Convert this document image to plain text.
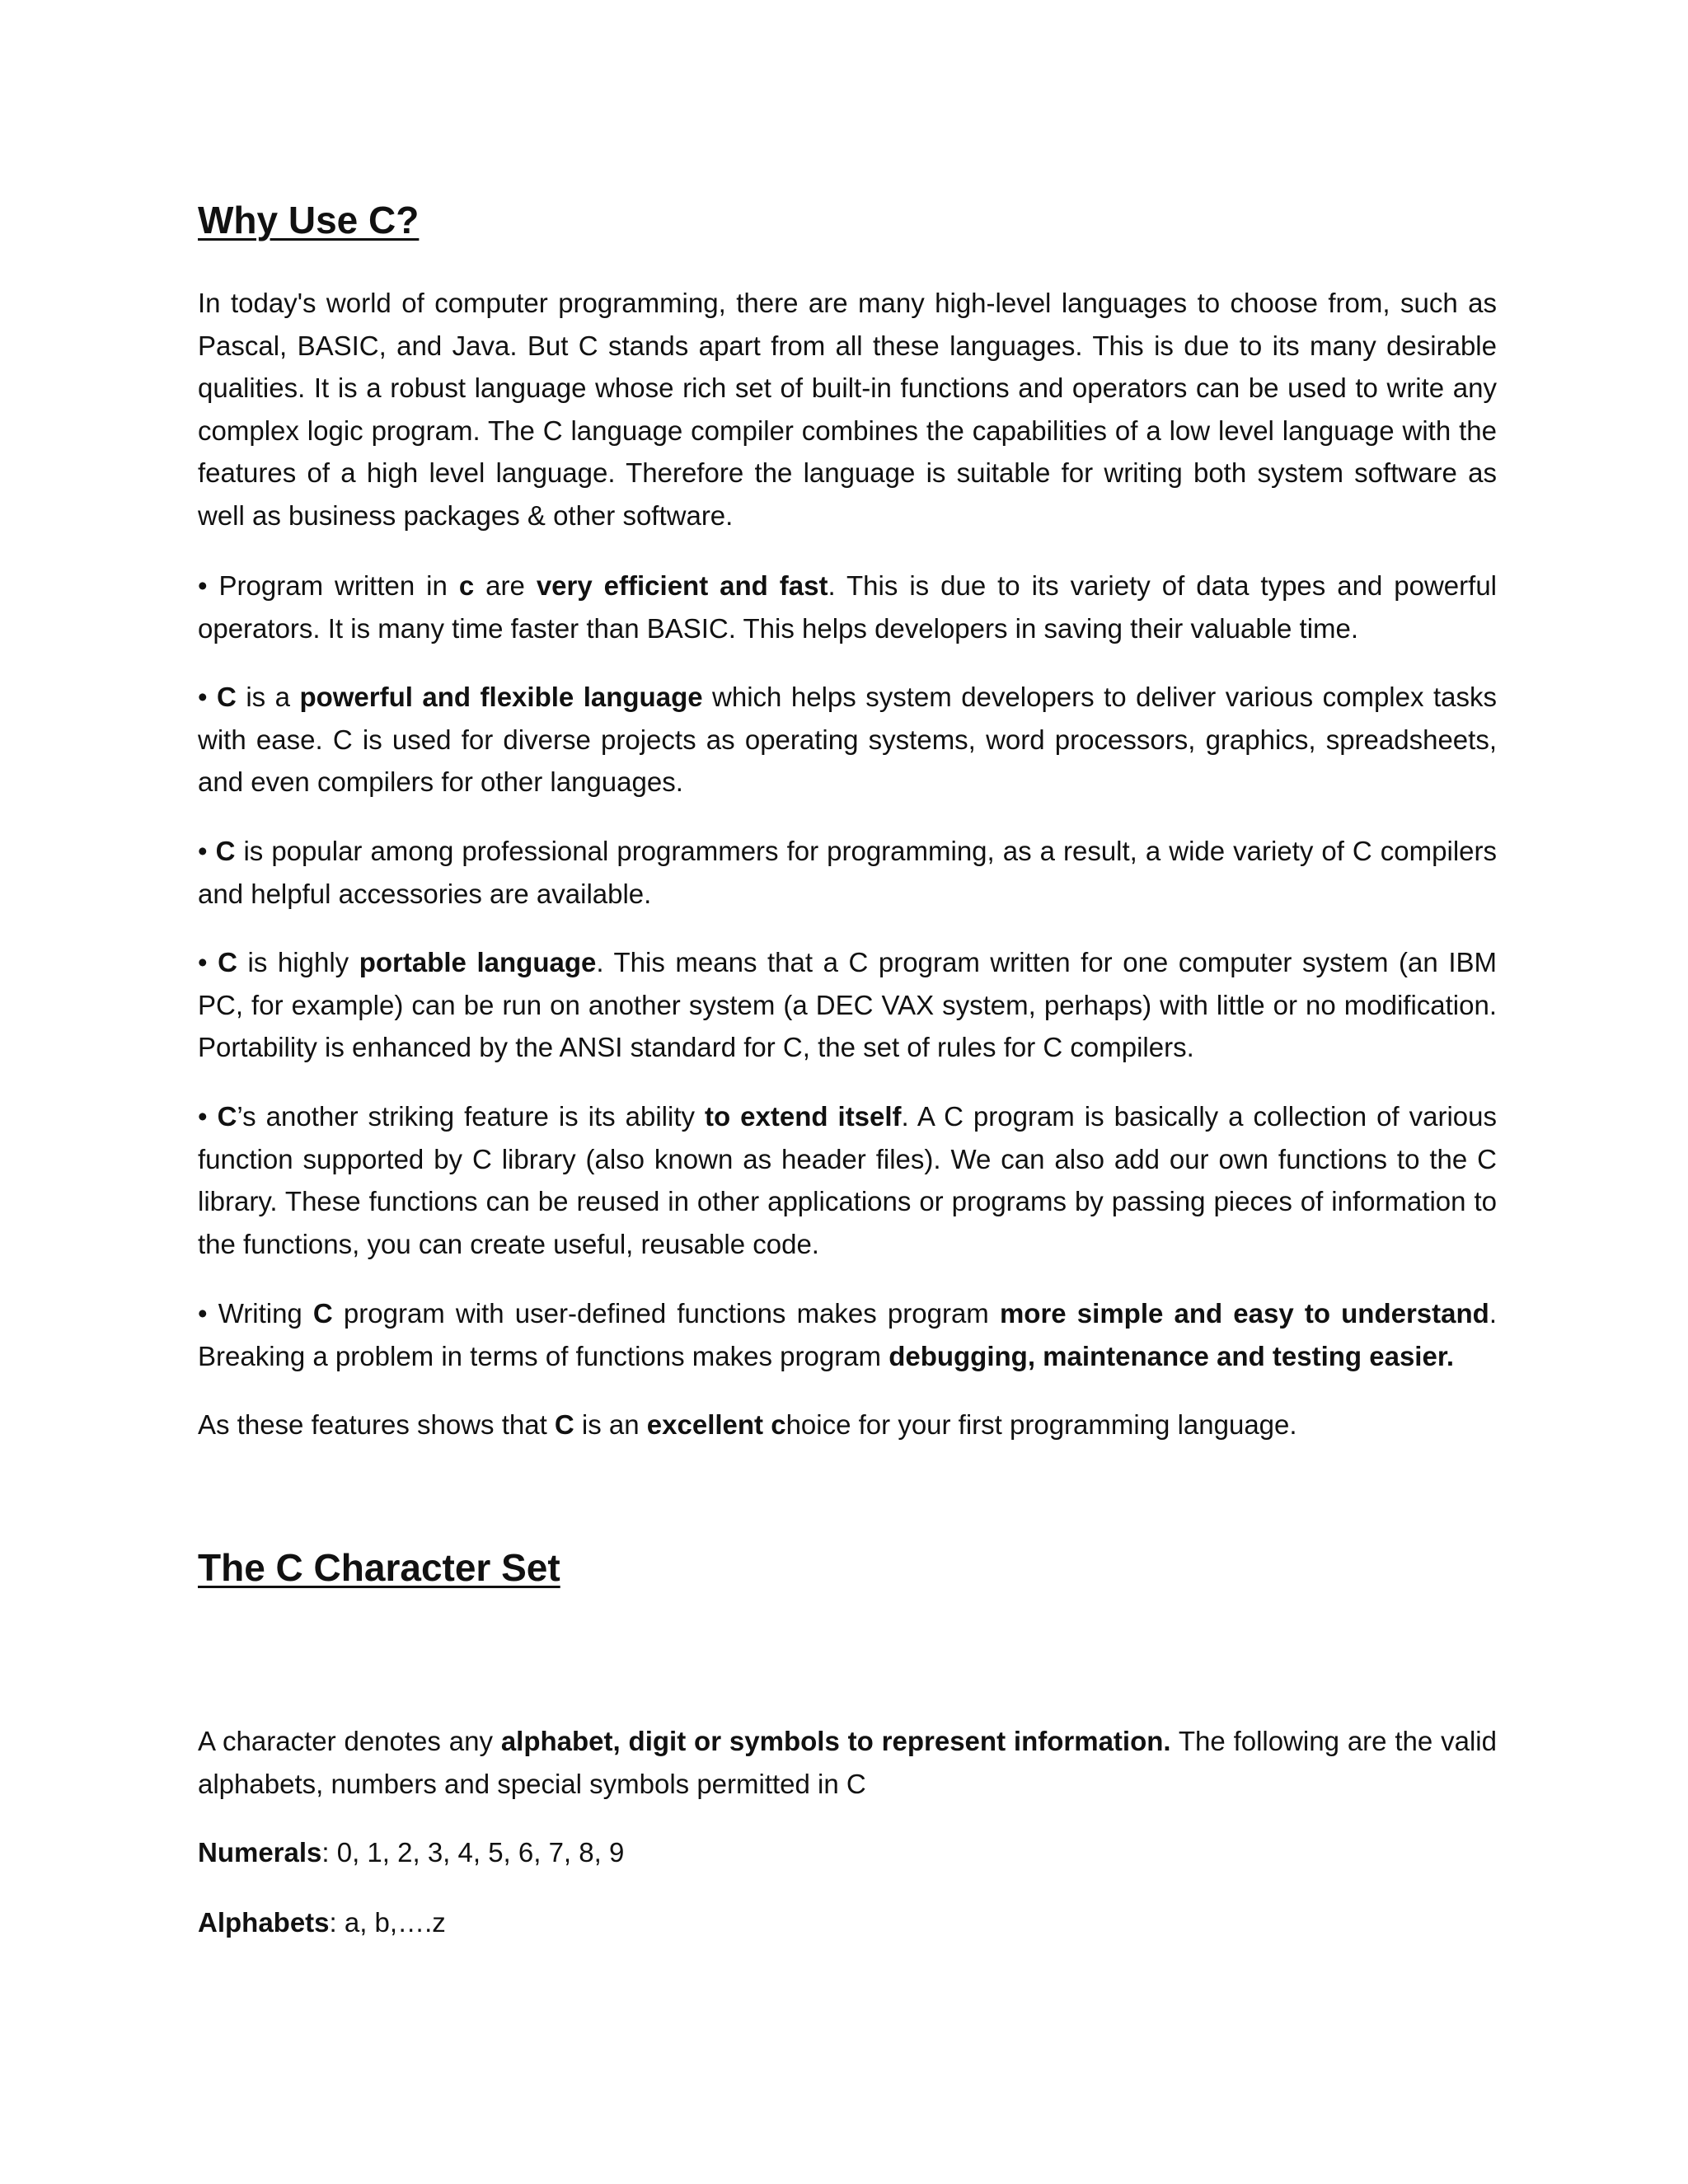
Why Use C?

In today's world of computer programming, there are many high-level languages to choose from, such as Pascal, BASIC, and Java. But C stands apart from all these languages. This is due to its many desirable qualities. It is a robust language whose rich set of built-in functions and operators can be used to write any complex logic program. The C language compiler combines the capabilities of a low level language with the features of a high level language. Therefore the language is suitable for writing both system software as well as business packages & other software.

• Program written in c are very efficient and fast. This is due to its variety of data types and powerful operators. It is many time faster than BASIC. This helps developers in saving their valuable time.

• C is a powerful and flexible language which helps system developers to deliver various complex tasks with ease. C is used for diverse projects as operating systems, word processors, graphics, spreadsheets, and even compilers for other languages.

• C is popular among professional programmers for programming, as a result, a wide variety of C compilers and helpful accessories are available.

• C is highly portable language. This means that a C program written for one computer system (an IBM PC, for example) can be run on another system (a DEC VAX system, perhaps) with little or no modification. Portability is enhanced by the ANSI standard for C, the set of rules for C compilers.

• C’s another striking feature is its ability to extend itself. A C program is basically a collection of various function supported by C library (also known as header files). We can also add our own functions to the C library. These functions can be reused in other applications or programs by passing pieces of information to the functions, you can create useful, reusable code.

• Writing C program with user-defined functions makes program more simple and easy to understand. Breaking a problem in terms of functions makes program debugging, maintenance and testing easier.

As these features shows that C is an excellent choice for your first programming language.

The C Character Set

A character denotes any alphabet, digit or symbols to represent information. The following are the valid alphabets, numbers and special symbols permitted in C

Numerals: 0, 1, 2, 3, 4, 5, 6, 7, 8, 9

Alphabets: a, b,….z
